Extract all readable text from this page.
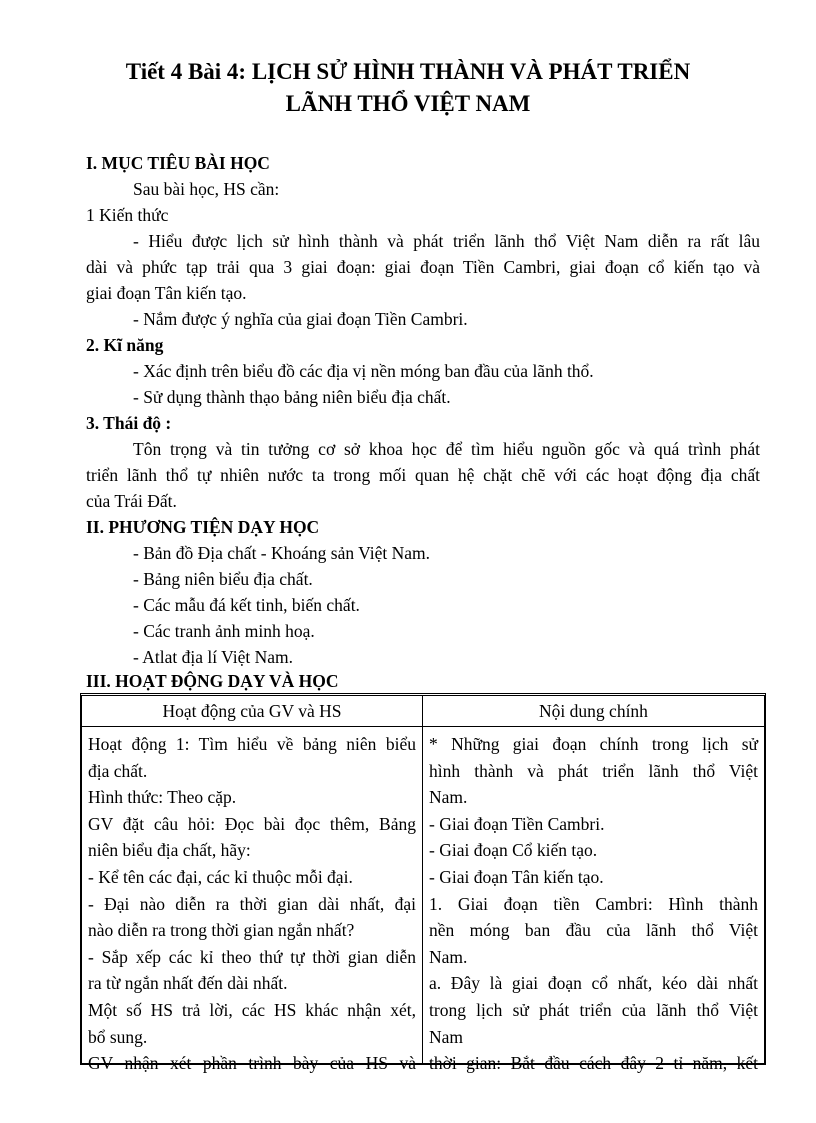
Tiết 4 Bài 4: LỊCH SỬ HÌNH THÀNH VÀ PHÁT TRIỂN
LÃNH THỔ VIỆT NAM
I. MỤC TIÊU BÀI HỌC
Sau bài học, HS cần:
1 Kiến thức
- Hiểu được lịch sử hình thành và phát triển lãnh thổ Việt Nam diễn ra rất lâu
dài và phức tạp trải qua 3 giai đoạn: giai đoạn Tiền Cambri, giai đoạn cổ kiến tạo và
giai đoạn Tân kiến tạo.
- Nắm được ý nghĩa của giai đoạn Tiền Cambri.
2. Kĩ năng
- Xác định trên biểu đồ các địa vị nền móng ban đầu của lãnh thổ.
- Sử dụng thành thạo bảng niên biểu địa chất.
3. Thái độ :
Tôn trọng và tin tưởng cơ sở khoa học để tìm hiểu nguồn gốc và quá trình phát
triển lãnh thổ tự nhiên nước ta trong mối quan hệ chặt chẽ với các hoạt động địa chất
của Trái Đất.
II. PHƯƠNG TIỆN DẠY HỌC
- Bản đồ Địa chất - Khoáng sản Việt Nam.
- Bảng niên biểu địa chất.
- Các mẫu đá kết tinh, biến chất.
- Các tranh ảnh minh hoạ.
- Atlat địa lí Việt Nam.
III. HOẠT ĐỘNG DẠY VÀ HỌC
Hoạt động của GV và HS	Nội dung chính
Hoạt động 1: Tìm hiểu về bảng niên biểu
địa chất.
Hình thức: Theo cặp.
GV đặt câu hỏi: Đọc bài đọc thêm, Bảng
niên biểu địa chất, hãy:
- Kể tên các đại, các kỉ thuộc mỗi đại.
- Đại nào diễn ra thời gian dài nhất, đại
nào diễn ra trong thời gian ngắn nhất?
- Sắp xếp các kỉ theo thứ tự thời gian diễn
ra từ ngắn nhất đến dài nhất.
Một số HS trả lời, các HS khác nhận xét,
bổ sung.
GV nhận xét phần trình bày của HS và
* Những giai đoạn chính trong lịch sử
hình thành và phát triển lãnh thổ Việt
Nam.
- Giai đoạn Tiền Cambri.
- Giai đoạn Cổ kiến tạo.
- Giai đoạn Tân kiến tạo.
1. Giai đoạn tiền Cambri: Hình thành
nền móng ban đầu của lãnh thổ Việt
Nam.
a. Đây là giai đoạn cổ nhất, kéo dài nhất
trong lịch sử phát triển của lãnh thổ Việt
Nam
thời gian: Bắt đầu cách đây 2 tỉ năm, kết
